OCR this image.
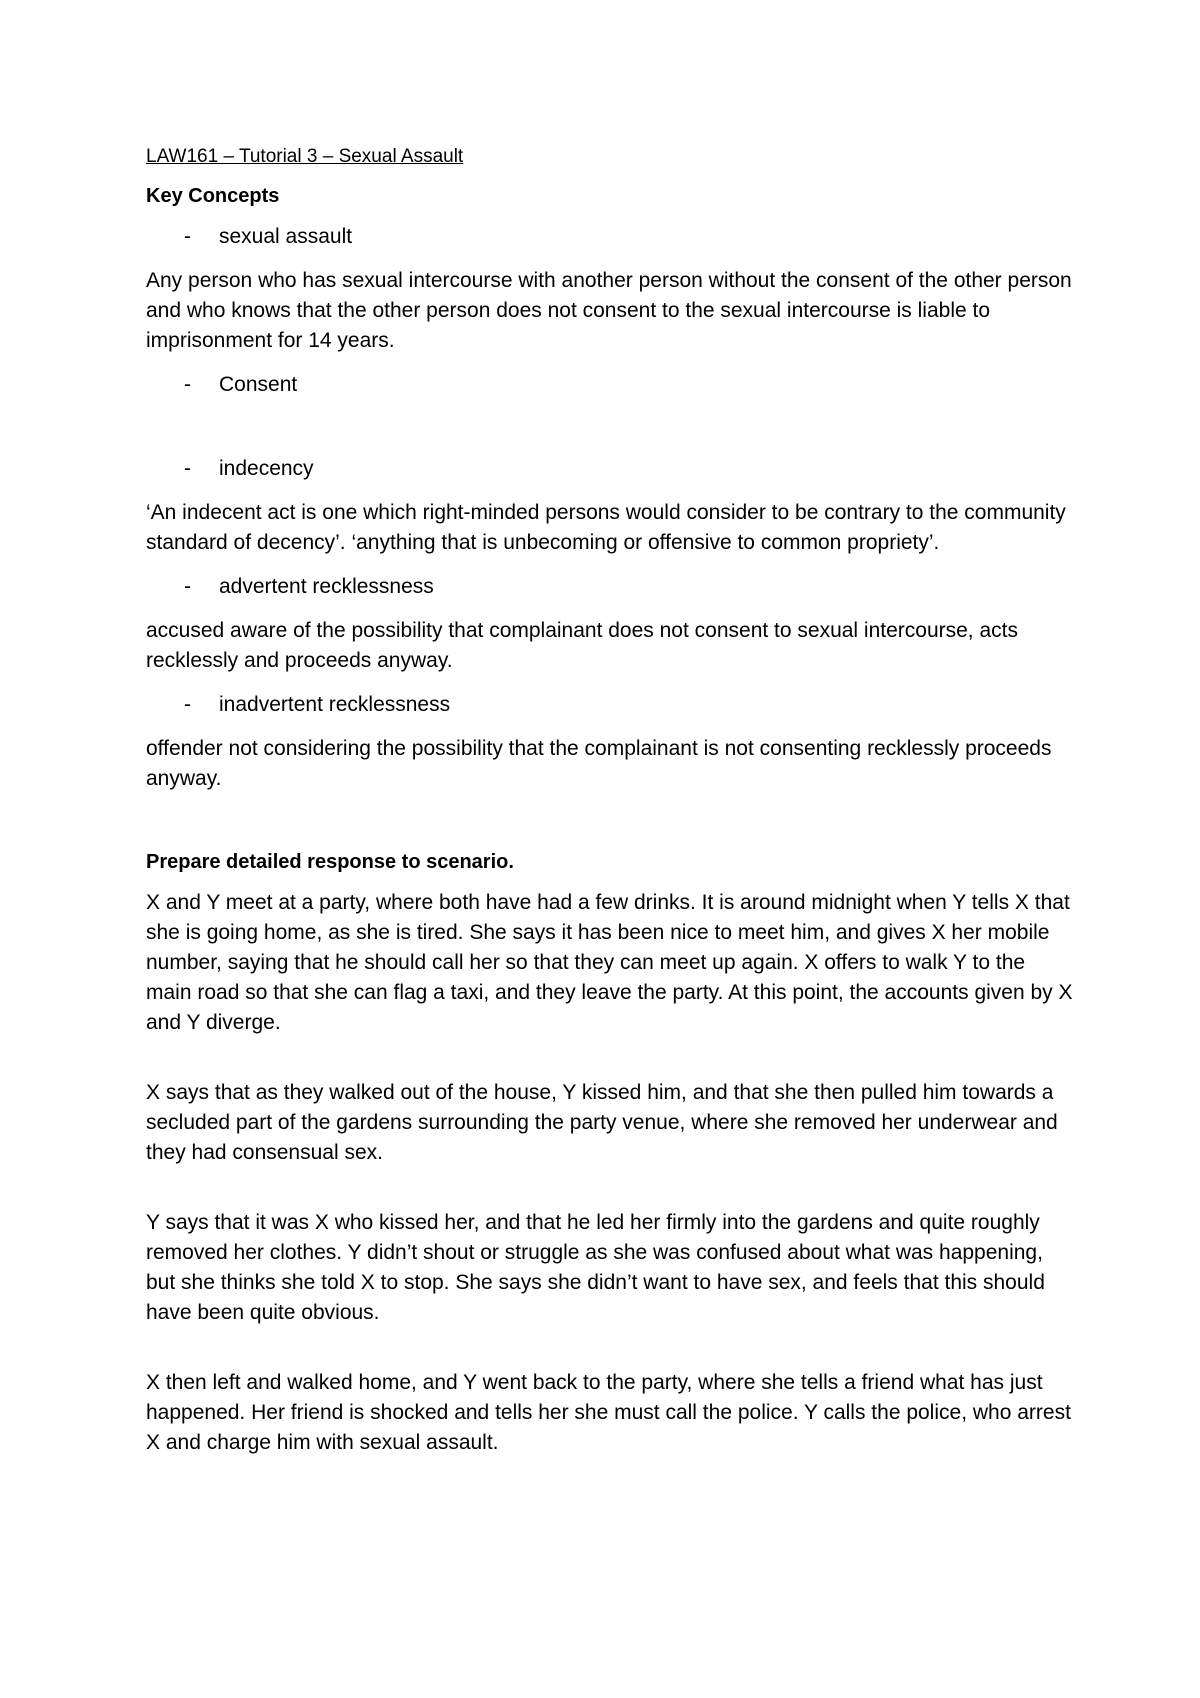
LAW161 – Tutorial 3 – Sexual Assault
Key Concepts
- sexual assault

Any person who has sexual intercourse with another person without the consent of the other person and who knows that the other person does not consent to the sexual intercourse is liable to imprisonment for 14 years.

- Consent
- indecency

‘An indecent act is one which right-minded persons would consider to be contrary to the community standard of decency’. ‘anything that is unbecoming or offensive to common propriety’.

- advertent recklessness

accused aware of the possibility that complainant does not consent to sexual intercourse, acts recklessly and proceeds anyway.

- inadvertent recklessness

offender not considering the possibility that the complainant is not consenting recklessly proceeds anyway.

Prepare detailed response to scenario.

X and Y meet at a party, where both have had a few drinks. It is around midnight when Y tells X that she is going home, as she is tired. She says it has been nice to meet him, and gives X her mobile number, saying that he should call her so that they can meet up again. X offers to walk Y to the main road so that she can flag a taxi, and they leave the party. At this point, the accounts given by X and Y diverge.

X says that as they walked out of the house, Y kissed him, and that she then pulled him towards a secluded part of the gardens surrounding the party venue, where she removed her underwear and they had consensual sex.

Y says that it was X who kissed her, and that he led her firmly into the gardens and quite roughly removed her clothes. Y didn’t shout or struggle as she was confused about what was happening, but she thinks she told X to stop. She says she didn’t want to have sex, and feels that this should have been quite obvious.

X then left and walked home, and Y went back to the party, where she tells a friend what has just happened. Her friend is shocked and tells her she must call the police. Y calls the police, who arrest X and charge him with sexual assault.
